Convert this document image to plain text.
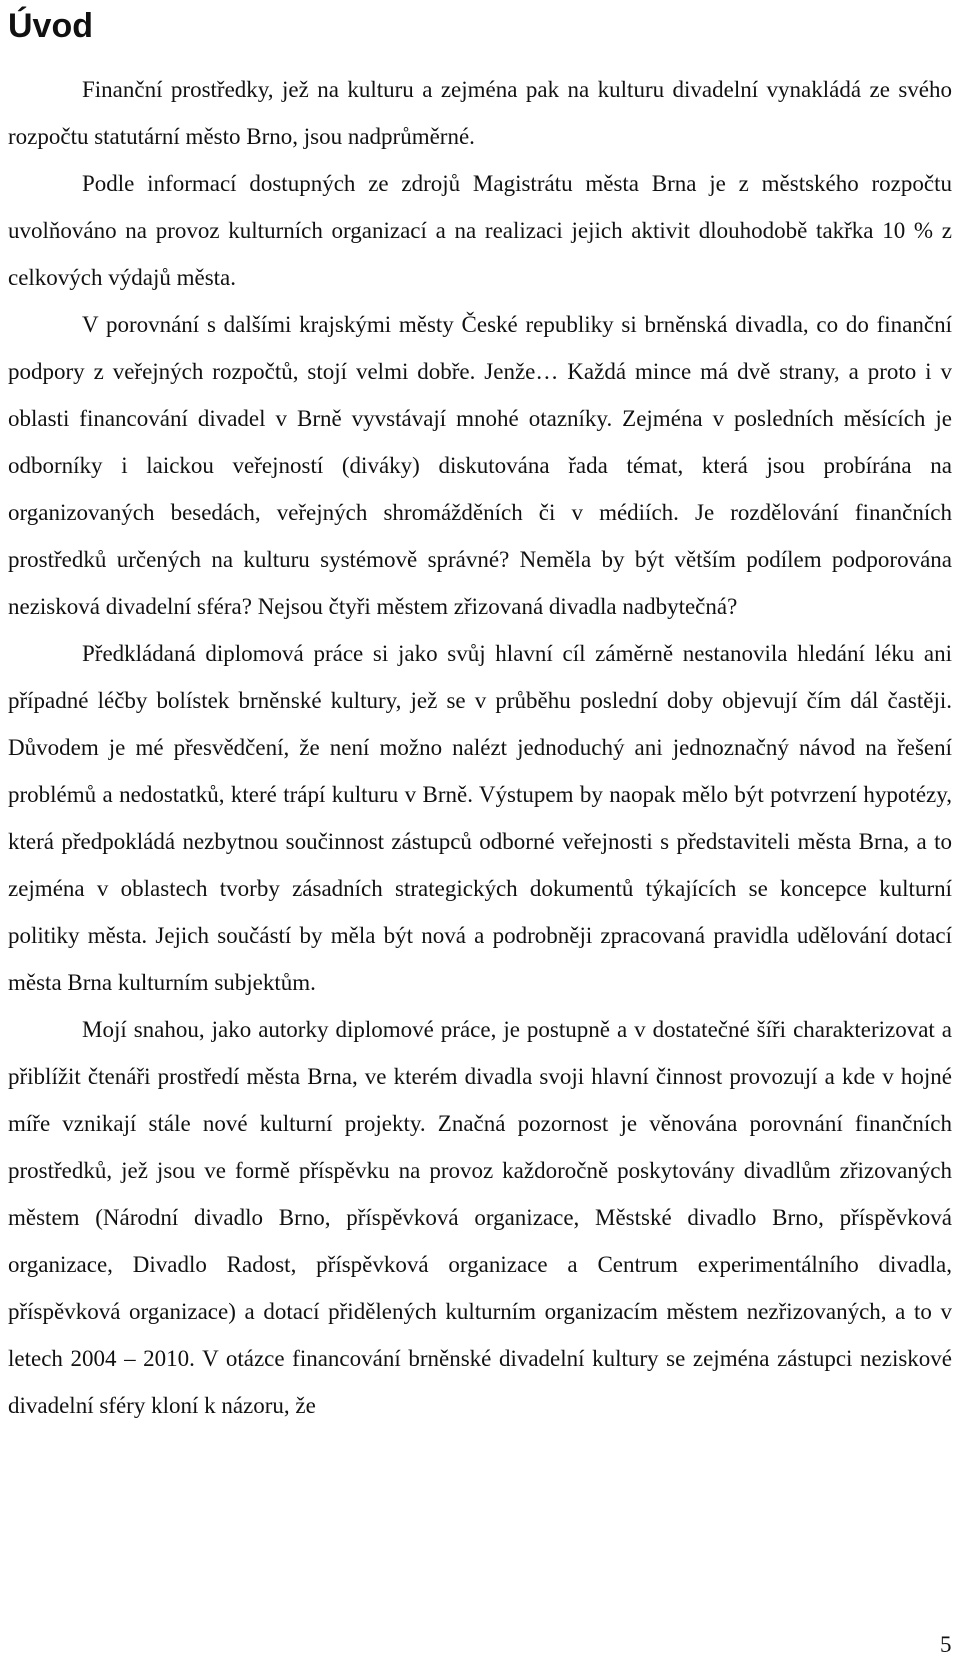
Úvod

Finanční prostředky, jež na kulturu a zejména pak na kulturu divadelní vynakládá ze svého rozpočtu statutární město Brno, jsou nadprůměrné.

Podle informací dostupných ze zdrojů Magistrátu města Brna je z městského rozpočtu uvolňováno na provoz kulturních organizací a na realizaci jejich aktivit dlouhodobě takřka 10 % z celkových výdajů města.

V porovnání s dalšími krajskými městy České republiky si brněnská divadla, co do finanční podpory z veřejných rozpočtů, stojí velmi dobře. Jenže… Každá mince má dvě strany, a proto i v oblasti financování divadel v Brně vyvstávají mnohé otazníky. Zejména v posledních měsících je odborníky i laickou veřejností (diváky) diskutována řada témat, která jsou probírána na organizovaných besedách, veřejných shromážděních či v médiích. Je rozdělování finančních prostředků určených na kulturu systémově správné? Neměla by být větším podílem podporována nezisková divadelní sféra? Nejsou čtyři městem zřizovaná divadla nadbytečná?

Předkládaná diplomová práce si jako svůj hlavní cíl záměrně nestanovila hledání léku ani případné léčby bolístek brněnské kultury, jež se v průběhu poslední doby objevují čím dál častěji. Důvodem je mé přesvědčení, že není možno nalézt jednoduchý ani jednoznačný návod na řešení problémů a nedostatků, které trápí kulturu v Brně. Výstupem by naopak mělo být potvrzení hypotézy, která předpokládá nezbytnou součinnost zástupců odborné veřejnosti s představiteli města Brna, a to zejména v oblastech tvorby zásadních strategických dokumentů týkajících se koncepce kulturní politiky města. Jejich součástí by měla být nová a podrobněji zpracovaná pravidla udělování dotací města Brna kulturním subjektům.

Mojí snahou, jako autorky diplomové práce, je postupně a v dostatečné šíři charakterizovat a přiblížit čtenáři prostředí města Brna, ve kterém divadla svoji hlavní činnost provozují a kde v hojné míře vznikají stále nové kulturní projekty. Značná pozornost je věnována porovnání finančních prostředků, jež jsou ve formě příspěvku na provoz každoročně poskytovány divadlům zřizovaných městem (Národní divadlo Brno, příspěvková organizace, Městské divadlo Brno, příspěvková organizace, Divadlo Radost, příspěvková organizace a Centrum experimentálního divadla, příspěvková organizace) a dotací přidělených kulturním organizacím městem nezřizovaných, a to v letech 2004 – 2010. V otázce financování brněnské divadelní kultury se zejména zástupci neziskové divadelní sféry kloní k názoru, že

5
